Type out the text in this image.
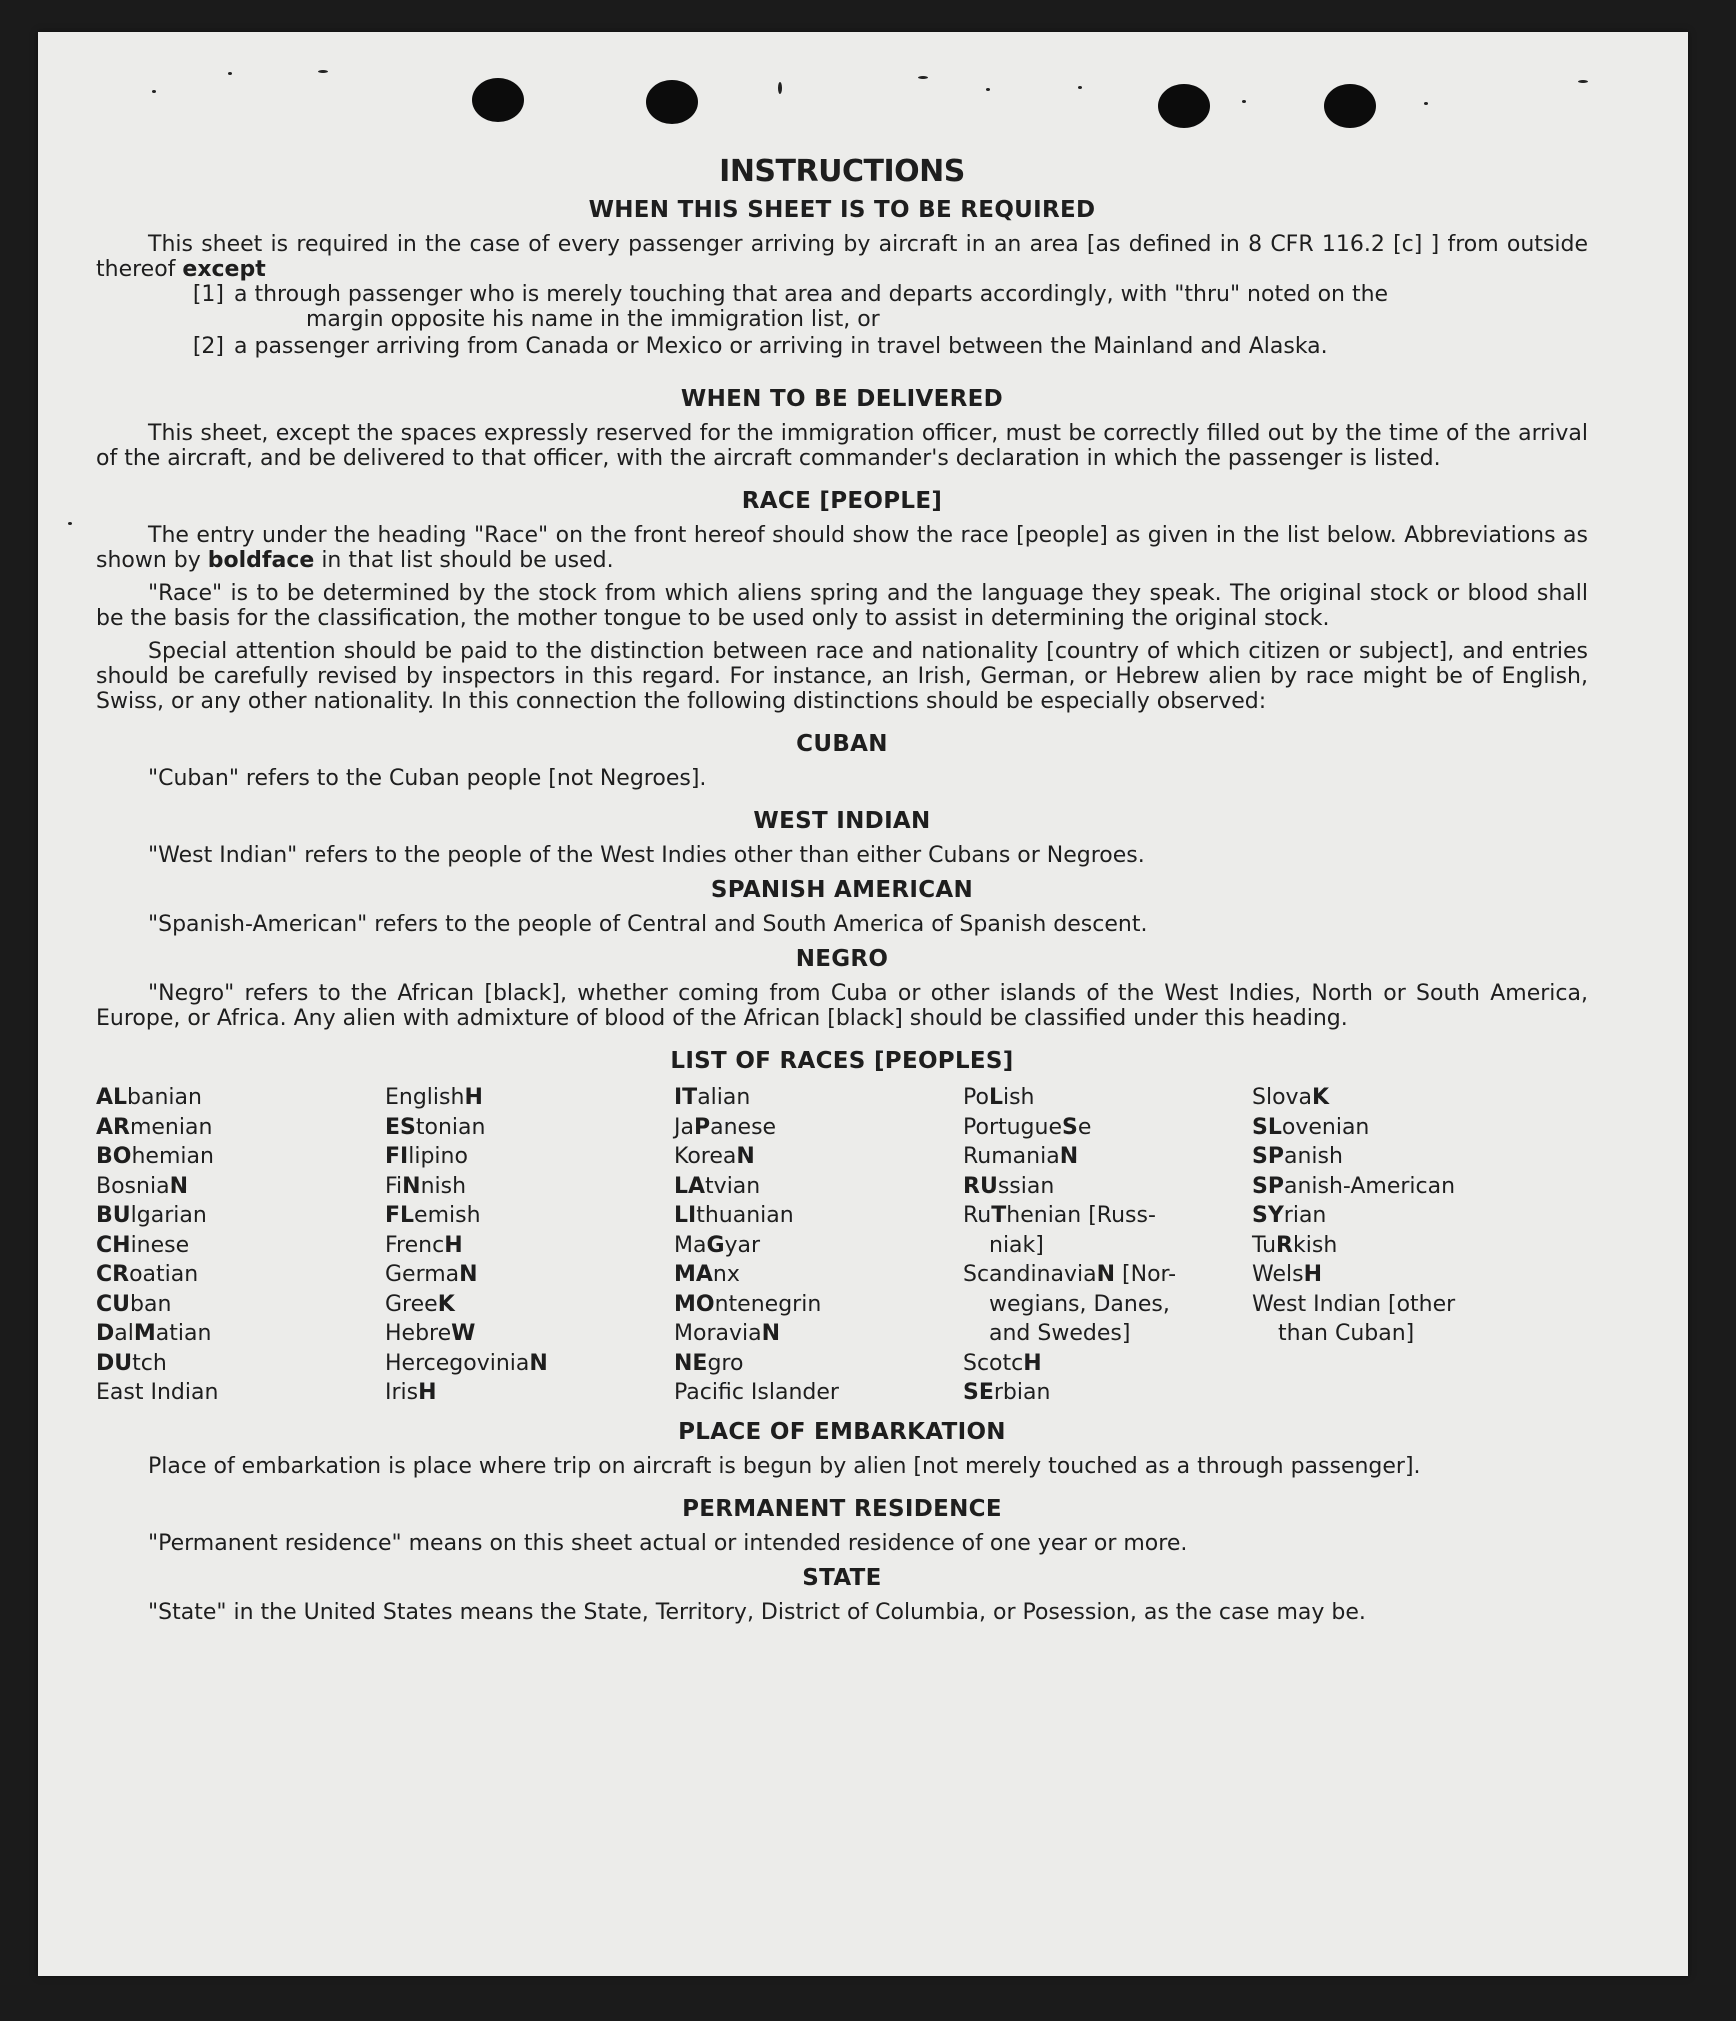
INSTRUCTIONS
WHEN THIS SHEET IS TO BE REQUIRED

This sheet is required in the case of every passenger arriving by aircraft in an area [as defined in 8 CFR 116.2 [c] ] from outside thereof except

[1] a through passenger who is merely touching that area and departs accordingly, with "thru" noted on the
margin opposite his name in the immigration list, or
[2] a passenger arriving from Canada or Mexico or arriving in travel between the Mainland and Alaska.
WHEN TO BE DELIVERED

This sheet, except the spaces expressly reserved for the immigration officer, must be correctly filled out by the time of the arrival of the aircraft, and be delivered to that officer, with the aircraft commander's declaration in which the passenger is listed.

RACE [PEOPLE]

The entry under the heading "Race" on the front hereof should show the race [people] as given in the list below. Abbreviations as shown by boldface in that list should be used.

"Race" is to be determined by the stock from which aliens spring and the language they speak. The original stock or blood shall be the basis for the classification, the mother tongue to be used only to assist in determining the original stock.

Special attention should be paid to the distinction between race and nationality [country of which citizen or subject], and entries should be carefully revised by inspectors in this regard. For instance, an Irish, German, or Hebrew alien by race might be of English, Swiss, or any other nationality. In this connection the following distinctions should be especially observed:

CUBAN

"Cuban" refers to the Cuban people [not Negroes].

WEST INDIAN

"West Indian" refers to the people of the West Indies other than either Cubans or Negroes.

SPANISH AMERICAN

"Spanish-American" refers to the people of Central and South America of Spanish descent.

NEGRO

"Negro" refers to the African [black], whether coming from Cuba or other islands of the West Indies, North or South America, Europe, or Africa. Any alien with admixture of blood of the African [black] should be classified under this heading.

LIST OF RACES [PEOPLES]
ALbanian
ARmenian
BOhemian
BosniaN
BUlgarian
CHinese
CRoatian
CUban
DalMatian
DUtch
East Indian
EnglishH
EStonian
FIlipino
FiNnish
FLemish
FrencH
GermaN
GreeK
HebreW
HercegoviniaN
IrisH
ITalian
JaPanese
KoreaN
LAtvian
LIthuanian
MaGyar
MAnx
MOntenegrin
MoraviaN
NEgro
Pacific Islander
PoLish
PortugueSe
RumaniaN
RUssian
RuThenian [Russ-
niak]
ScandinaviaN [Nor-
wegians, Danes,
and Swedes]
ScotcH
SErbian
SlovaK
SLovenian
SPanish
SPanish-American
SYrian
TuRkish
WelsH
West Indian [other
than Cuban]
PLACE OF EMBARKATION

Place of embarkation is place where trip on aircraft is begun by alien [not merely touched as a through passenger].

PERMANENT RESIDENCE

"Permanent residence" means on this sheet actual or intended residence of one year or more.

STATE

"State" in the United States means the State, Territory, District of Columbia, or Posession, as the case may be.
